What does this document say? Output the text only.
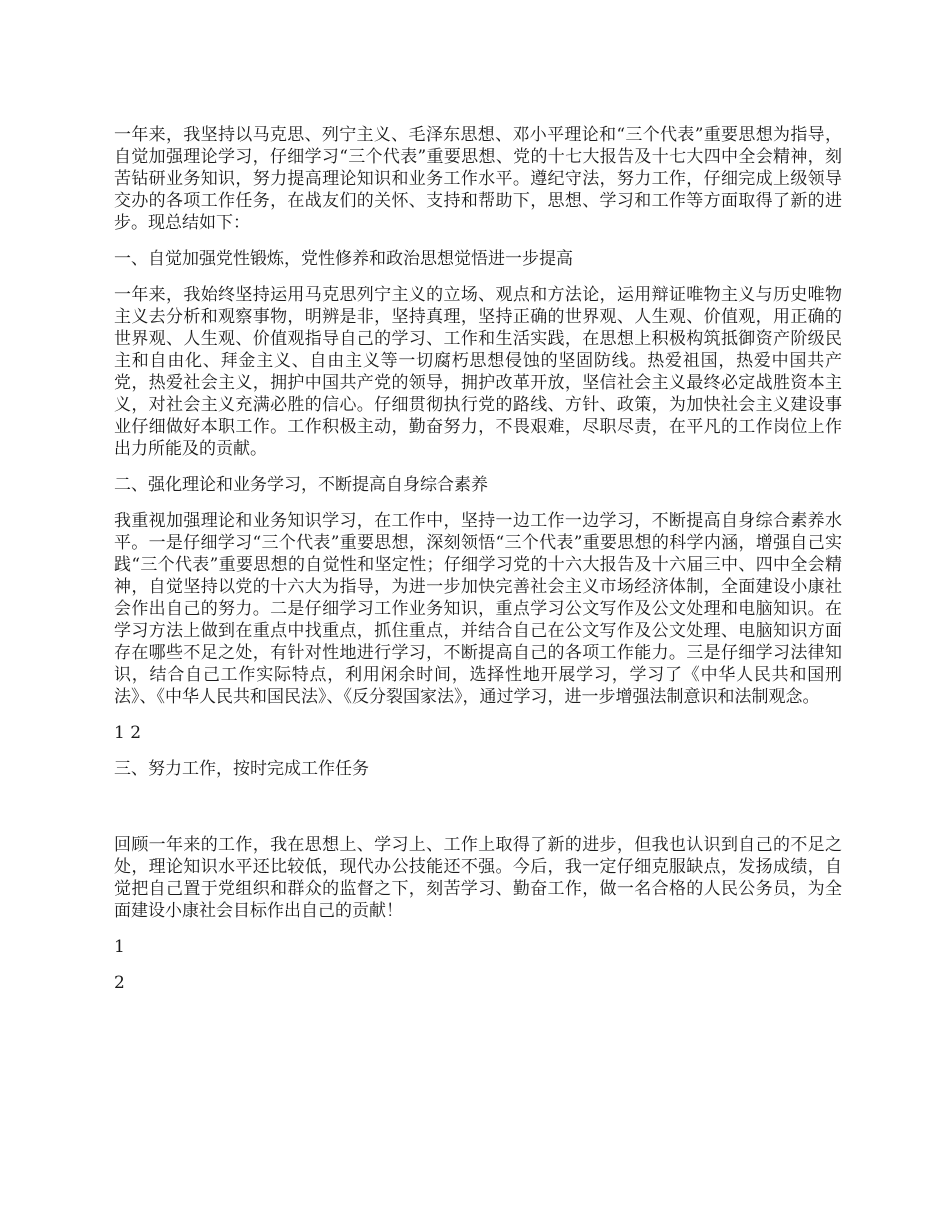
一年来，我坚持以马克思、列宁主义、毛泽东思想、邓小平理论和“三个代表”重要思想为指导，自觉加强理论学习，仔细学习“三个代表”重要思想、党的十七大报告及十七大四中全会精神，刻苦钻研业务知识，努力提高理论知识和业务工作水平。遵纪守法，努力工作，仔细完成上级领导交办的各项工作任务，在战友们的关怀、支持和帮助下，思想、学习和工作等方面取得了新的进步。现总结如下：

一、自觉加强党性锻炼，党性修养和政治思想觉悟进一步提高

一年来，我始终坚持运用马克思列宁主义的立场、观点和方法论，运用辩证唯物主义与历史唯物主义去分析和观察事物，明辨是非，坚持真理，坚持正确的世界观、人生观、价值观，用正确的世界观、人生观、价值观指导自己的学习、工作和生活实践，在思想上积极构筑抵御资产阶级民主和自由化、拜金主义、自由主义等一切腐朽思想侵蚀的坚固防线。热爱祖国，热爱中国共产党，热爱社会主义，拥护中国共产党的领导，拥护改革开放，坚信社会主义最终必定战胜资本主义，对社会主义充满必胜的信心。仔细贯彻执行党的路线、方针、政策，为加快社会主义建设事业仔细做好本职工作。工作积极主动，勤奋努力，不畏艰难，尽职尽责，在平凡的工作岗位上作出力所能及的贡献。

二、强化理论和业务学习，不断提高自身综合素养

我重视加强理论和业务知识学习，在工作中，坚持一边工作一边学习，不断提高自身综合素养水平。一是仔细学习“三个代表”重要思想，深刻领悟“三个代表”重要思想的科学内涵，增强自己实践“三个代表”重要思想的自觉性和坚定性；仔细学习党的十六大报告及十六届三中、四中全会精神，自觉坚持以党的十六大为指导，为进一步加快完善社会主义市场经济体制，全面建设小康社会作出自己的努力。二是仔细学习工作业务知识，重点学习公文写作及公文处理和电脑知识。在学习方法上做到在重点中找重点，抓住重点，并结合自己在公文写作及公文处理、电脑知识方面存在哪些不足之处，有针对性地进行学习，不断提高自己的各项工作能力。三是仔细学习法律知识，结合自己工作实际特点，利用闲余时间，选择性地开展学习，学习了《中华人民共和国刑法》、《中华人民共和国民法》、《反分裂国家法》，通过学习，进一步增强法制意识和法制观念。

1 2

三、努力工作，按时完成工作任务

回顾一年来的工作，我在思想上、学习上、工作上取得了新的进步，但我也认识到自己的不足之处，理论知识水平还比较低，现代办公技能还不强。今后，我一定仔细克服缺点，发扬成绩，自觉把自己置于党组织和群众的监督之下，刻苦学习、勤奋工作，做一名合格的人民公务员，为全面建设小康社会目标作出自己的贡献！

1

2
